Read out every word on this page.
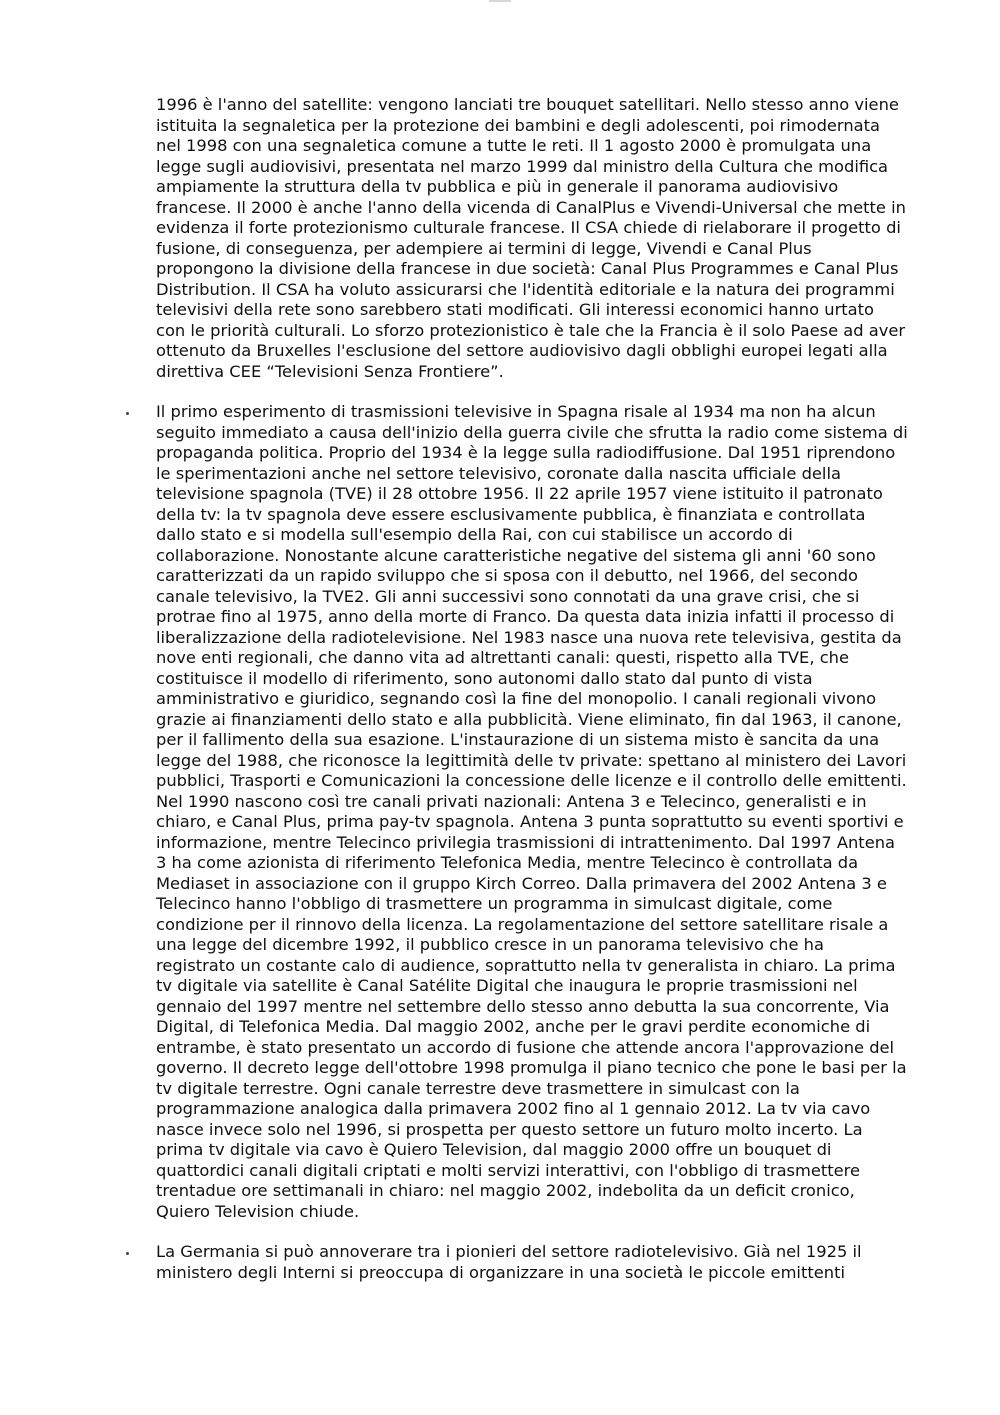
1996 è l'anno del satellite: vengono lanciati tre bouquet satellitari. Nello stesso anno viene istituita la segnaletica per la protezione dei bambini e degli adolescenti, poi rimodernata nel 1998 con una segnaletica comune a tutte le reti. Il 1 agosto 2000 è promulgata una legge sugli audiovisivi, presentata nel marzo 1999 dal ministro della Cultura che modifica ampiamente la struttura della tv pubblica e più in generale il panorama audiovisivo francese. Il 2000 è anche l'anno della vicenda di CanalPlus e Vivendi-Universal che mette in evidenza il forte protezionismo culturale francese. Il CSA chiede di rielaborare il progetto di fusione, di conseguenza, per adempiere ai termini di legge, Vivendi e Canal Plus propongono la divisione della francese in due società: Canal Plus Programmes e Canal Plus Distribution. Il CSA ha voluto assicurarsi che l'identità editoriale e la natura dei programmi televisivi della rete sono sarebbero stati modificati. Gli interessi economici hanno urtato con le priorità culturali. Lo sforzo protezionistico è tale che la Francia è il solo Paese ad aver ottenuto da Bruxelles l'esclusione del settore audiovisivo dagli obblighi europei legati alla direttiva CEE “Televisioni Senza Frontiere”.

Il primo esperimento di trasmissioni televisive in Spagna risale al 1934 ma non ha alcun seguito immediato a causa dell'inizio della guerra civile che sfrutta la radio come sistema di propaganda politica. Proprio del 1934 è la legge sulla radiodiffusione. Dal 1951 riprendono le sperimentazioni anche nel settore televisivo, coronate dalla nascita ufficiale della televisione spagnola (TVE) il 28 ottobre 1956. Il 22 aprile 1957 viene istituito il patronato della tv: la tv spagnola deve essere esclusivamente pubblica, è finanziata e controllata dallo stato e si modella sull'esempio della Rai, con cui stabilisce un accordo di collaborazione. Nonostante alcune caratteristiche negative del sistema gli anni '60 sono caratterizzati da un rapido sviluppo che si sposa con il debutto, nel 1966, del secondo canale televisivo, la TVE2. Gli anni successivi sono connotati da una grave crisi, che si protrae fino al 1975, anno della morte di Franco. Da questa data inizia infatti il processo di liberalizzazione della radiotelevisione. Nel 1983 nasce una nuova rete televisiva, gestita da nove enti regionali, che danno vita ad altrettanti canali: questi, rispetto alla TVE, che costituisce il modello di riferimento, sono autonomi dallo stato dal punto di vista amministrativo e giuridico, segnando così la fine del monopolio. I canali regionali vivono grazie ai finanziamenti dello stato e alla pubblicità. Viene eliminato, fin dal 1963, il canone, per il fallimento della sua esazione. L'instaurazione di un sistema misto è sancita da una legge del 1988, che riconosce la legittimità delle tv private: spettano al ministero dei Lavori pubblici, Trasporti e Comunicazioni la concessione delle licenze e il controllo delle emittenti. Nel 1990 nascono così tre canali privati nazionali: Antena 3 e Telecinco, generalisti e in chiaro, e Canal Plus, prima pay-tv spagnola. Antena 3 punta soprattutto su eventi sportivi e informazione, mentre Telecinco privilegia trasmissioni di intrattenimento. Dal 1997 Antena 3 ha come azionista di riferimento Telefonica Media, mentre Telecinco è controllata da Mediaset in associazione con il gruppo Kirch Correo. Dalla primavera del 2002 Antena 3 e Telecinco hanno l'obbligo di trasmettere un programma in simulcast digitale, come condizione per il rinnovo della licenza. La regolamentazione del settore satellitare risale a una legge del dicembre 1992, il pubblico cresce in un panorama televisivo che ha registrato un costante calo di audience, soprattutto nella tv generalista in chiaro. La prima tv digitale via satellite è Canal Satélite Digital che inaugura le proprie trasmissioni nel gennaio del 1997 mentre nel settembre dello stesso anno debutta la sua concorrente, Via Digital, di Telefonica Media. Dal maggio 2002, anche per le gravi perdite economiche di entrambe, è stato presentato un accordo di fusione che attende ancora l'approvazione del governo. Il decreto legge dell'ottobre 1998 promulga il piano tecnico che pone le basi per la tv digitale terrestre. Ogni canale terrestre deve trasmettere in simulcast con la programmazione analogica dalla primavera 2002 fino al 1 gennaio 2012. La tv via cavo nasce invece solo nel 1996, si prospetta per questo settore un futuro molto incerto. La prima tv digitale via cavo è Quiero Television, dal maggio 2000 offre un bouquet di quattordici canali digitali criptati e molti servizi interattivi, con l'obbligo di trasmettere trentadue ore settimanali in chiaro: nel maggio 2002, indebolita da un deficit cronico, Quiero Television chiude.

La Germania si può annoverare tra i pionieri del settore radiotelevisivo. Già nel 1925 il ministero degli Interni si preoccupa di organizzare in una società le piccole emittenti
